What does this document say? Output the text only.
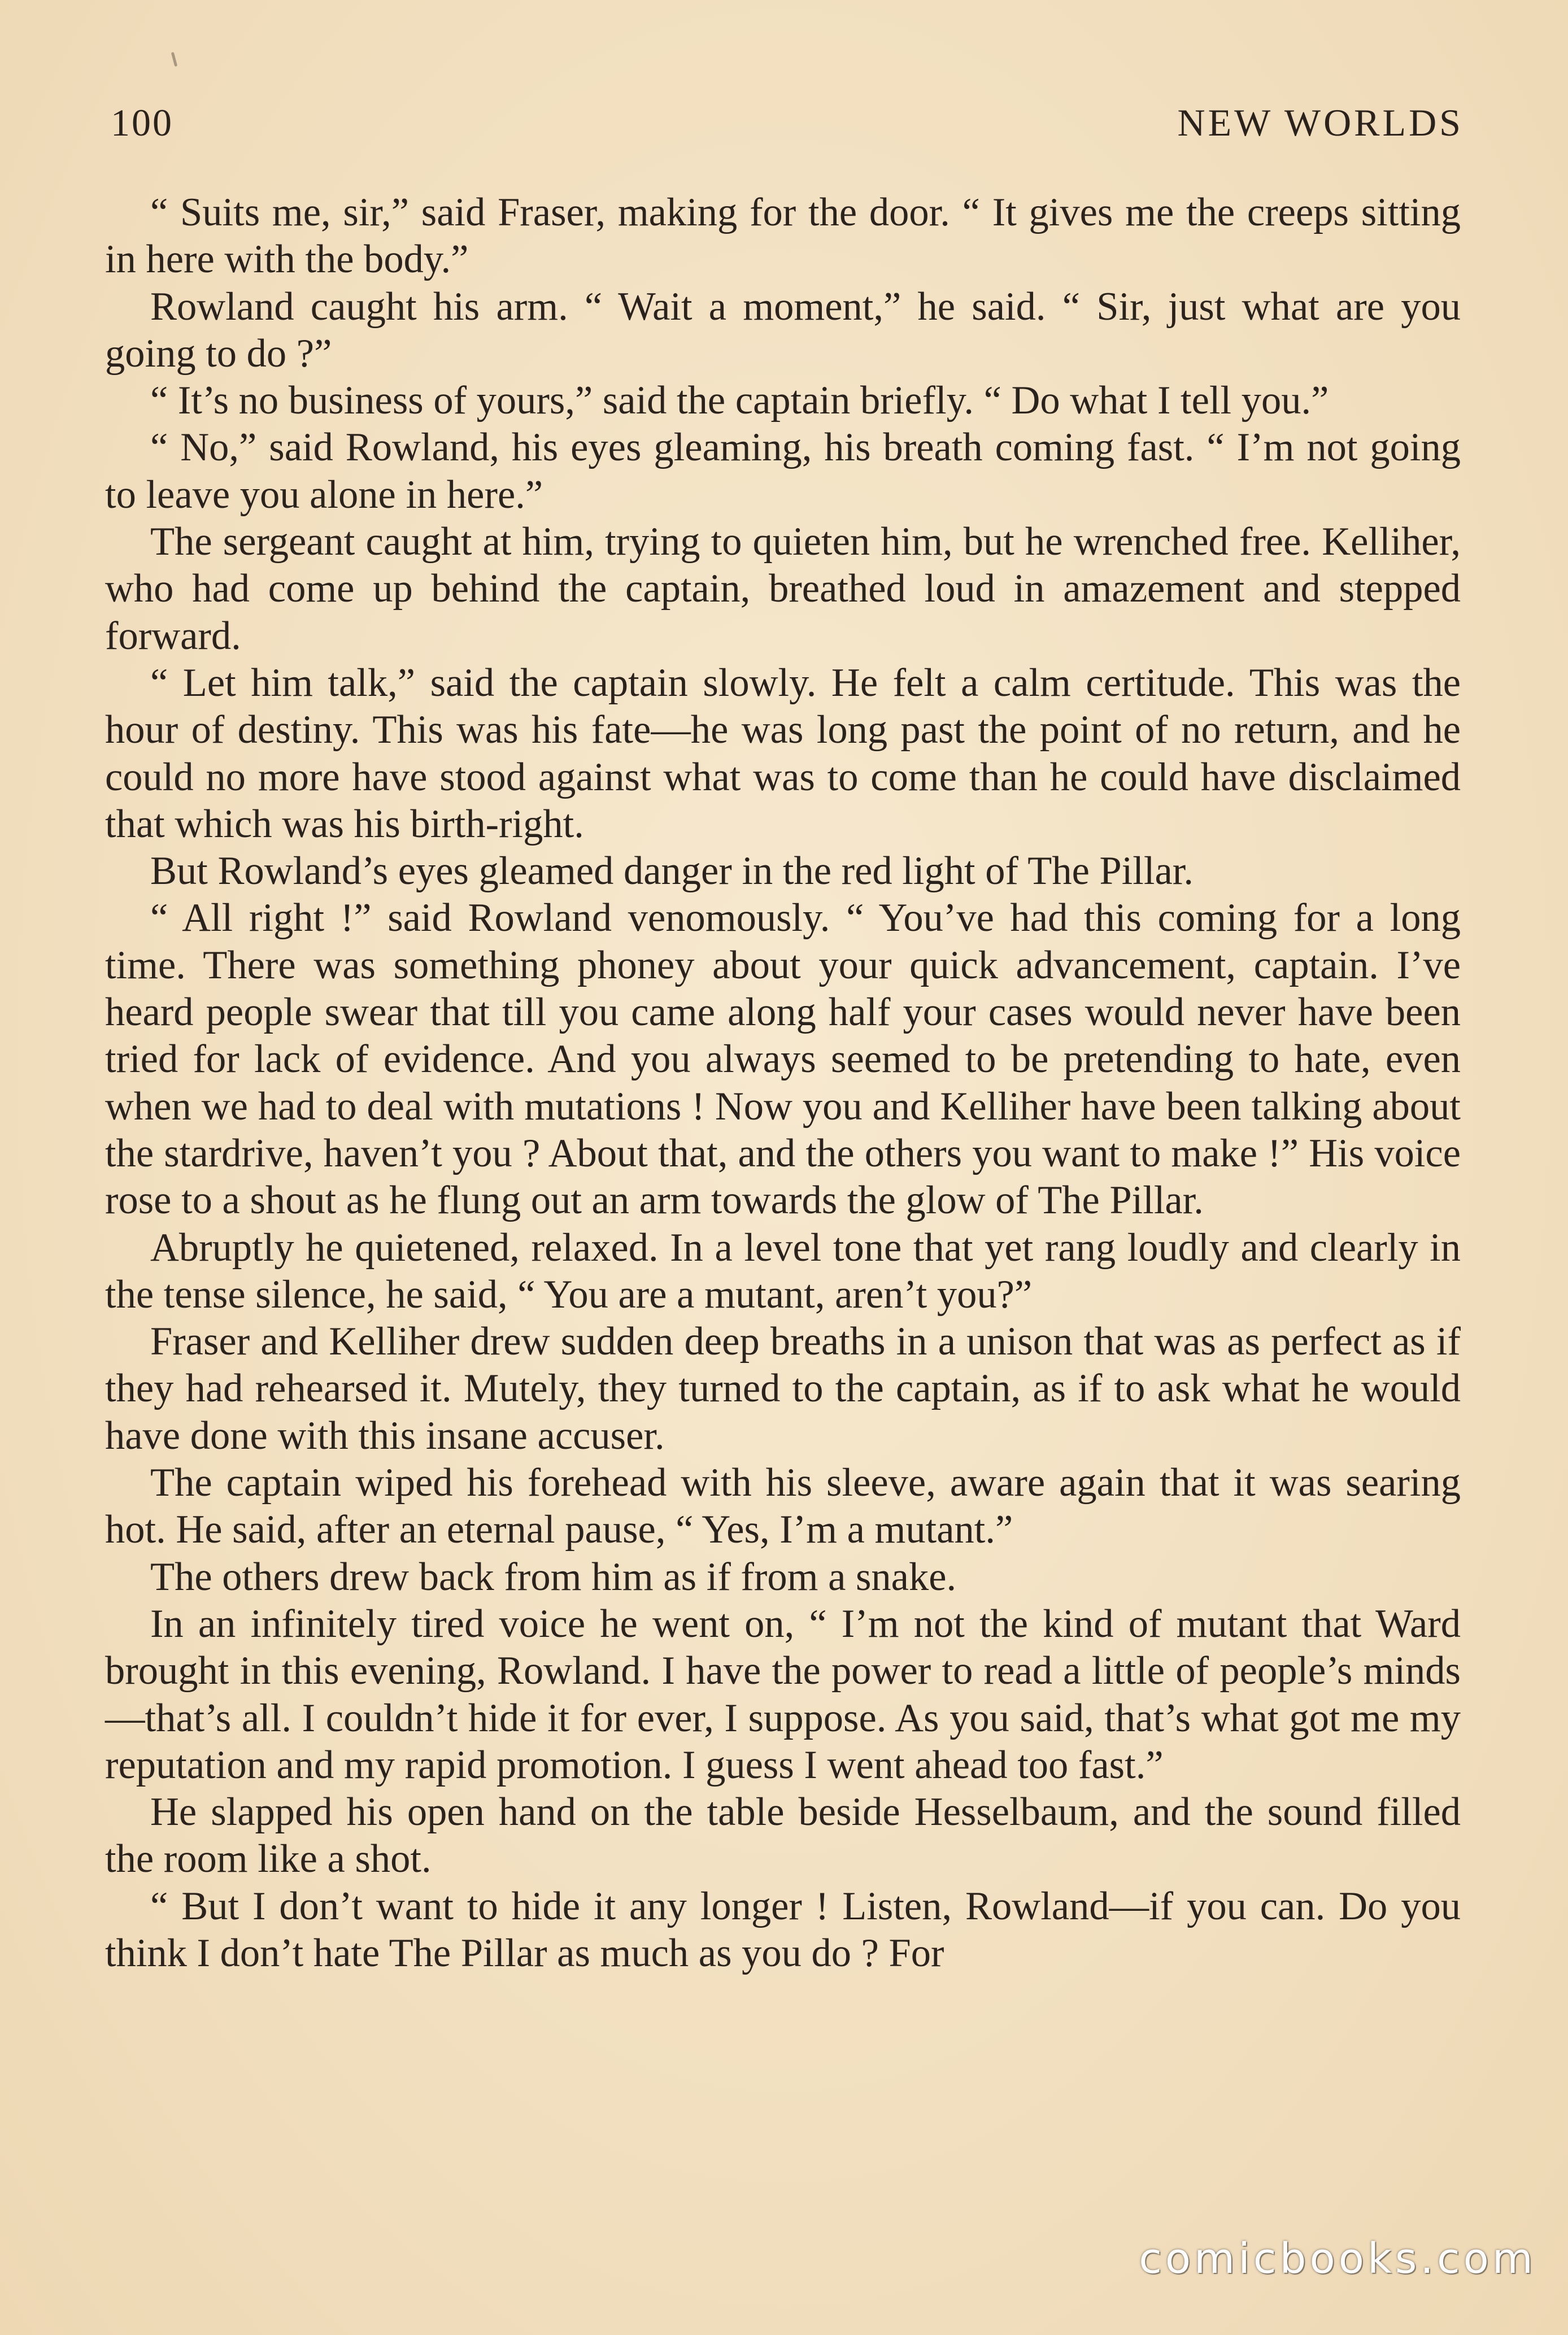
100	NEW WORLDS

“ Suits me, sir,” said Fraser, making for the door. “ It gives me the creeps sitting in here with the body.”

Rowland caught his arm. “ Wait a moment,” he said. “ Sir, just what are you going to do ?”

“ It’s no business of yours,” said the captain briefly. “ Do what I tell you.”

“ No,” said Rowland, his eyes gleaming, his breath coming fast. “ I’m not going to leave you alone in here.”

The sergeant caught at him, trying to quieten him, but he wrenched free. Kelliher, who had come up behind the captain, breathed loud in amazement and stepped forward.

“ Let him talk,” said the captain slowly. He felt a calm certitude. This was the hour of destiny. This was his fate—he was long past the point of no return, and he could no more have stood against what was to come than he could have disclaimed that which was his birth-right.

But Rowland’s eyes gleamed danger in the red light of The Pillar.

“ All right !” said Rowland venomously. “ You’ve had this coming for a long time. There was something phoney about your quick advancement, captain. I’ve heard people swear that till you came along half your cases would never have been tried for lack of evidence. And you always seemed to be pretending to hate, even when we had to deal with mutations ! Now you and Kelliher have been talking about the stardrive, haven’t you ? About that, and the others you want to make !” His voice rose to a shout as he flung out an arm towards the glow of The Pillar.

Abruptly he quietened, relaxed. In a level tone that yet rang loudly and clearly in the tense silence, he said, “ You are a mutant, aren’t you?”

Fraser and Kelliher drew sudden deep breaths in a unison that was as perfect as if they had rehearsed it. Mutely, they turned to the captain, as if to ask what he would have done with this insane accuser.

The captain wiped his forehead with his sleeve, aware again that it was searing hot. He said, after an eternal pause, “ Yes, I’m a mutant.”

The others drew back from him as if from a snake.

In an infinitely tired voice he went on, “ I’m not the kind of mutant that Ward brought in this evening, Rowland. I have the power to read a little of people’s minds—that’s all. I couldn’t hide it for ever, I suppose. As you said, that’s what got me my reputation and my rapid promotion. I guess I went ahead too fast.”

He slapped his open hand on the table beside Hesselbaum, and the sound filled the room like a shot.

“ But I don’t want to hide it any longer ! Listen, Rowland—if you can. Do you think I don’t hate The Pillar as much as you do ? For

comicbooks.com
